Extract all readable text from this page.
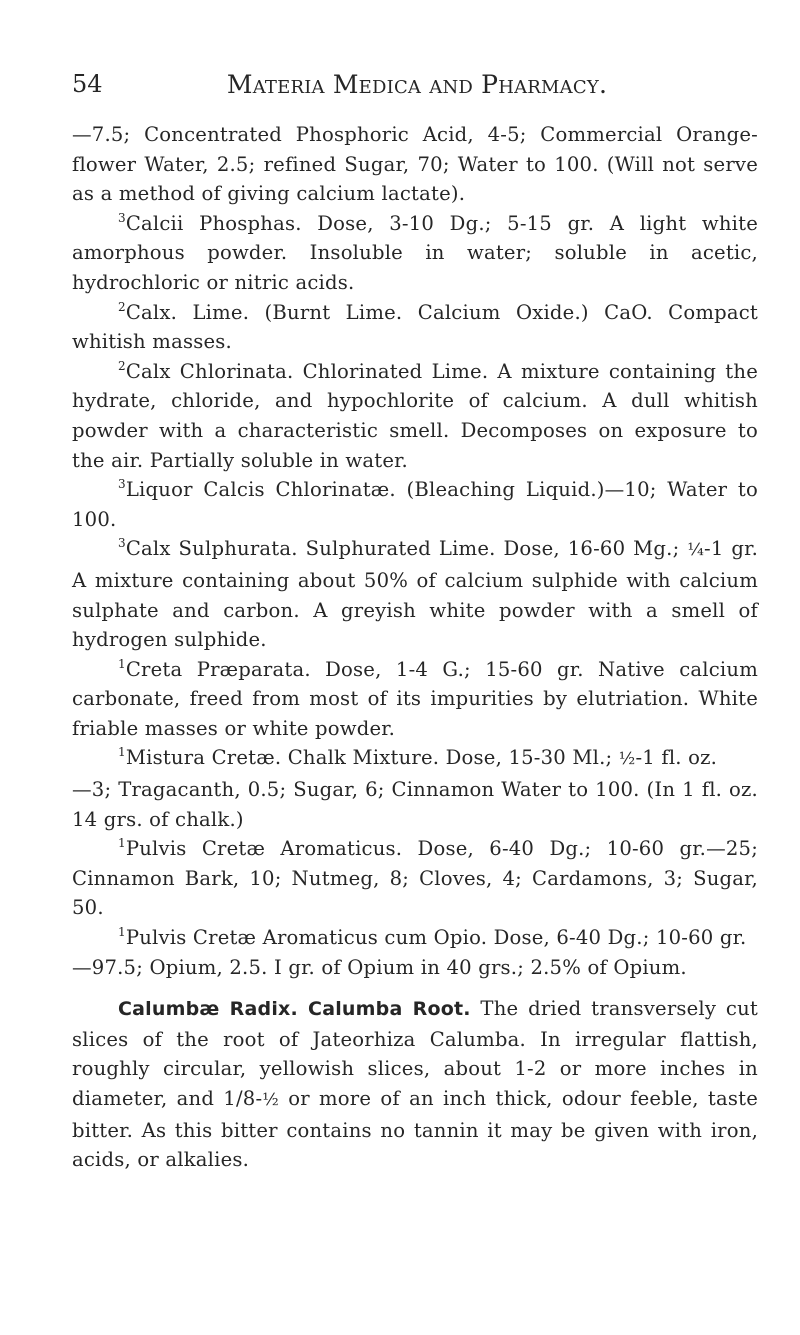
54	Materia Medica and Pharmacy.

—7.5; Concentrated Phosphoric Acid, 4-5; Commercial Orange-flower Water, 2.5; refined Sugar, 70; Water to 100. (Will not serve as a method of giving calcium lactate).

$^3$Calcii Phosphas. Dose, 3-10 Dg.; 5-15 gr. A light white amorphous powder. Insoluble in water; soluble in acetic, hydrochloric or nitric acids.

$^2$Calx. Lime. (Burnt Lime. Calcium Oxide.) CaO. Compact whitish masses.

$^2$Calx Chlorinata. Chlorinated Lime. A mixture containing the hydrate, chloride, and hypochlorite of calcium. A dull whitish powder with a characteristic smell. Decomposes on exposure to the air. Partially soluble in water.

$^3$Liquor Calcis Chlorinatæ. (Bleaching Liquid.)—10; Water to 100.

$^3$Calx Sulphurata. Sulphurated Lime. Dose, 16-60 Mg.; ¼-1 gr. A mixture containing about 50% of calcium sulphide with calcium sulphate and carbon. A greyish white powder with a smell of hydrogen sulphide.

$^1$Creta Præparata. Dose, 1-4 G.; 15-60 gr. Native calcium carbonate, freed from most of its impurities by elutriation. White friable masses or white powder.

$^1$Mistura Cretæ. Chalk Mixture. Dose, 15-30 Ml.; ½-1 fl. oz.

—3; Tragacanth, 0.5; Sugar, 6; Cinnamon Water to 100. (In 1 fl. oz. 14 grs. of chalk.)

$^1$Pulvis Cretæ Aromaticus. Dose, 6-40 Dg.; 10-60 gr.—25; Cinnamon Bark, 10; Nutmeg, 8; Cloves, 4; Cardamons, 3; Sugar, 50.

$^1$Pulvis Cretæ Aromaticus cum Opio. Dose, 6-40 Dg.; 10-60 gr.

—97.5; Opium, 2.5. I gr. of Opium in 40 grs.; 2.5% of Opium.

Calumbæ Radix. Calumba Root. The dried transversely cut slices of the root of Jateorhiza Calumba. In irregular flattish, roughly circular, yellowish slices, about 1-2 or more inches in diameter, and 1/8-½ or more of an inch thick, odour feeble, taste bitter. As this bitter contains no tannin it may be given with iron, acids, or alkalies.
